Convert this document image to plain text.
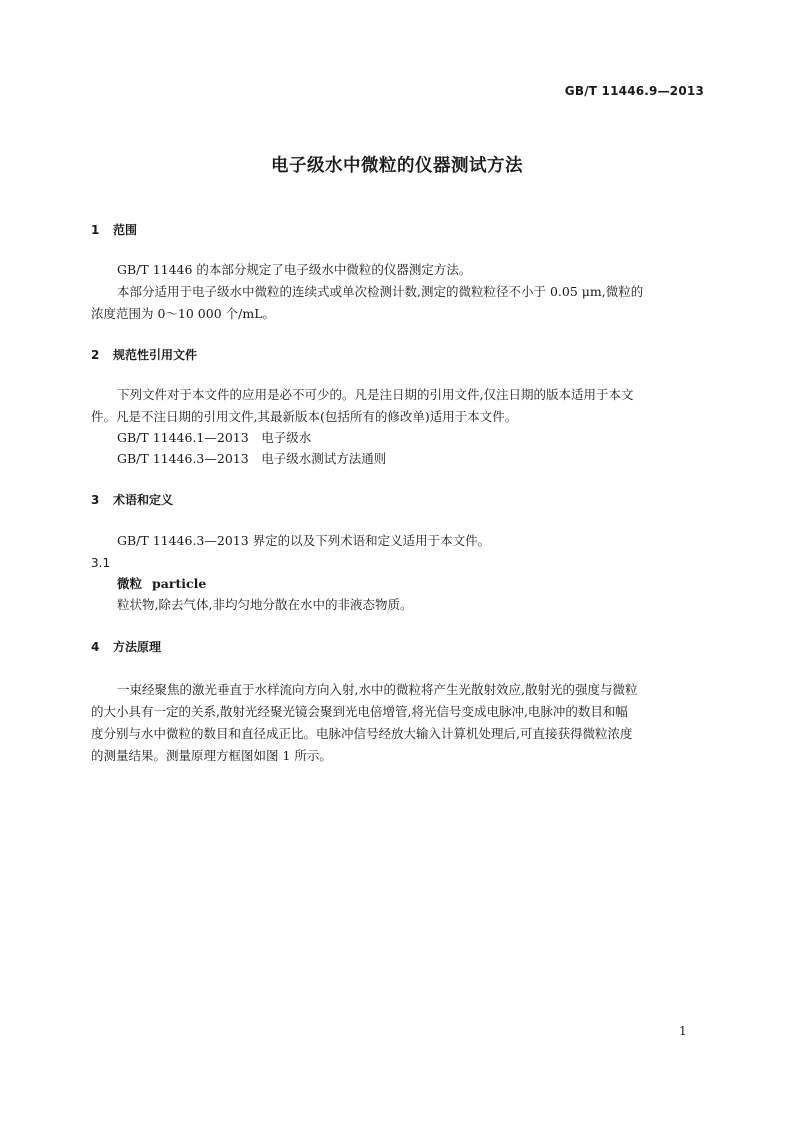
GB/T 11446.9—2013
电子级水中微粒的仪器测试方法
1 范围
GB/T 11446 的本部分规定了电子级水中微粒的仪器测定方法。
本部分适用于电子级水中微粒的连续式或单次检测计数,测定的微粒粒径不小于 0.05 μm,微粒的
浓度范围为 0～10 000 个/mL。
2 规范性引用文件
下列文件对于本文件的应用是必不可少的。凡是注日期的引用文件,仅注日期的版本适用于本文
件。凡是不注日期的引用文件,其最新版本(包括所有的修改单)适用于本文件。
GB/T 11446.1—2013　电子级水
GB/T 11446.3—2013　电子级水测试方法通则
3 术语和定义
GB/T 11446.3—2013 界定的以及下列术语和定义适用于本文件。
3.1
微粒 particle
粒状物,除去气体,非均匀地分散在水中的非液态物质。
4 方法原理
一束经聚焦的激光垂直于水样流向方向入射,水中的微粒将产生光散射效应,散射光的强度与微粒
的大小具有一定的关系,散射光经聚光镜会聚到光电倍增管,将光信号变成电脉冲,电脉冲的数目和幅
度分别与水中微粒的数目和直径成正比。电脉冲信号经放大输入计算机处理后,可直接获得微粒浓度
的测量结果。测量原理方框图如图 1 所示。
1
